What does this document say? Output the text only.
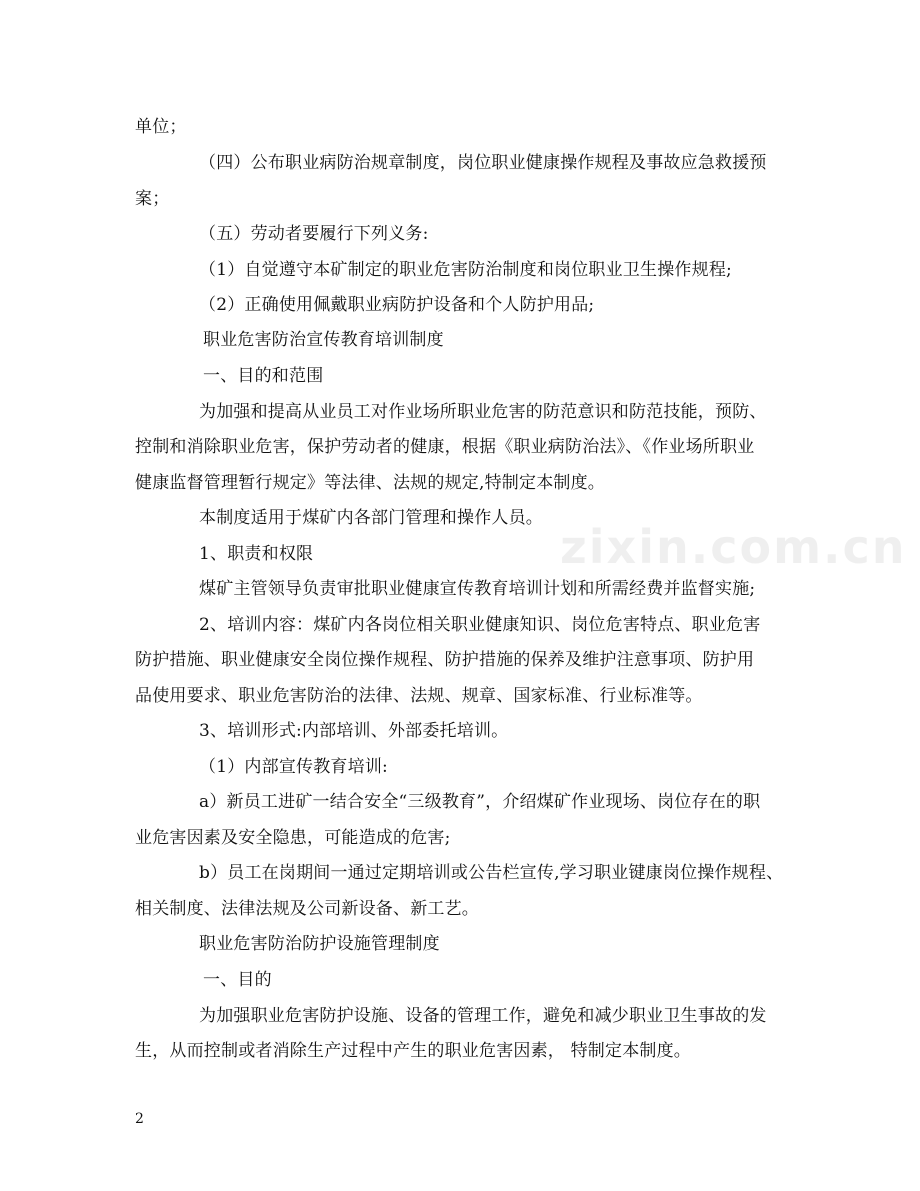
zixin.com.cn
单位；
（四）公布职业病防治规章制度，岗位职业健康操作规程及事故应急救援预
案；
（五）劳动者要履行下列义务:
（1）自觉遵守本矿制定的职业危害防治制度和岗位职业卫生操作规程;
（2）正确使用佩戴职业病防护设备和个人防护用品;
职业危害防治宣传教育培训制度
一、目的和范围
为加强和提高从业员工对作业场所职业危害的防范意识和防范技能，预防、
控制和消除职业危害，保护劳动者的健康，根据《职业病防治法》、《作业场所职业
健康监督管理暂行规定》等法律、法规的规定,特制定本制度。
本制度适用于煤矿内各部门管理和操作人员。
1、职责和权限
煤矿主管领导负责审批职业健康宣传教育培训计划和所需经费并监督实施;
2、培训内容：煤矿内各岗位相关职业健康知识、岗位危害特点、职业危害
防护措施、职业健康安全岗位操作规程、防护措施的保养及维护注意事项、防护用
品使用要求、职业危害防治的法律、法规、规章、国家标准、行业标准等。
3、培训形式:内部培训、外部委托培训。
（1）内部宣传教育培训:
a）新员工进矿一结合安全“三级教育”，介绍煤矿作业现场、岗位存在的职
业危害因素及安全隐患，可能造成的危害;
b）员工在岗期间一通过定期培训或公告栏宣传,学习职业键康岗位操作规程、
相关制度、法律法规及公司新设备、新工艺。
职业危害防治防护设施管理制度
一、目的
为加强职业危害防护设施、设备的管理工作，避免和减少职业卫生事故的发
生，从而控制或者消除生产过程中产生的职业危害因素， 特制定本制度。
2
